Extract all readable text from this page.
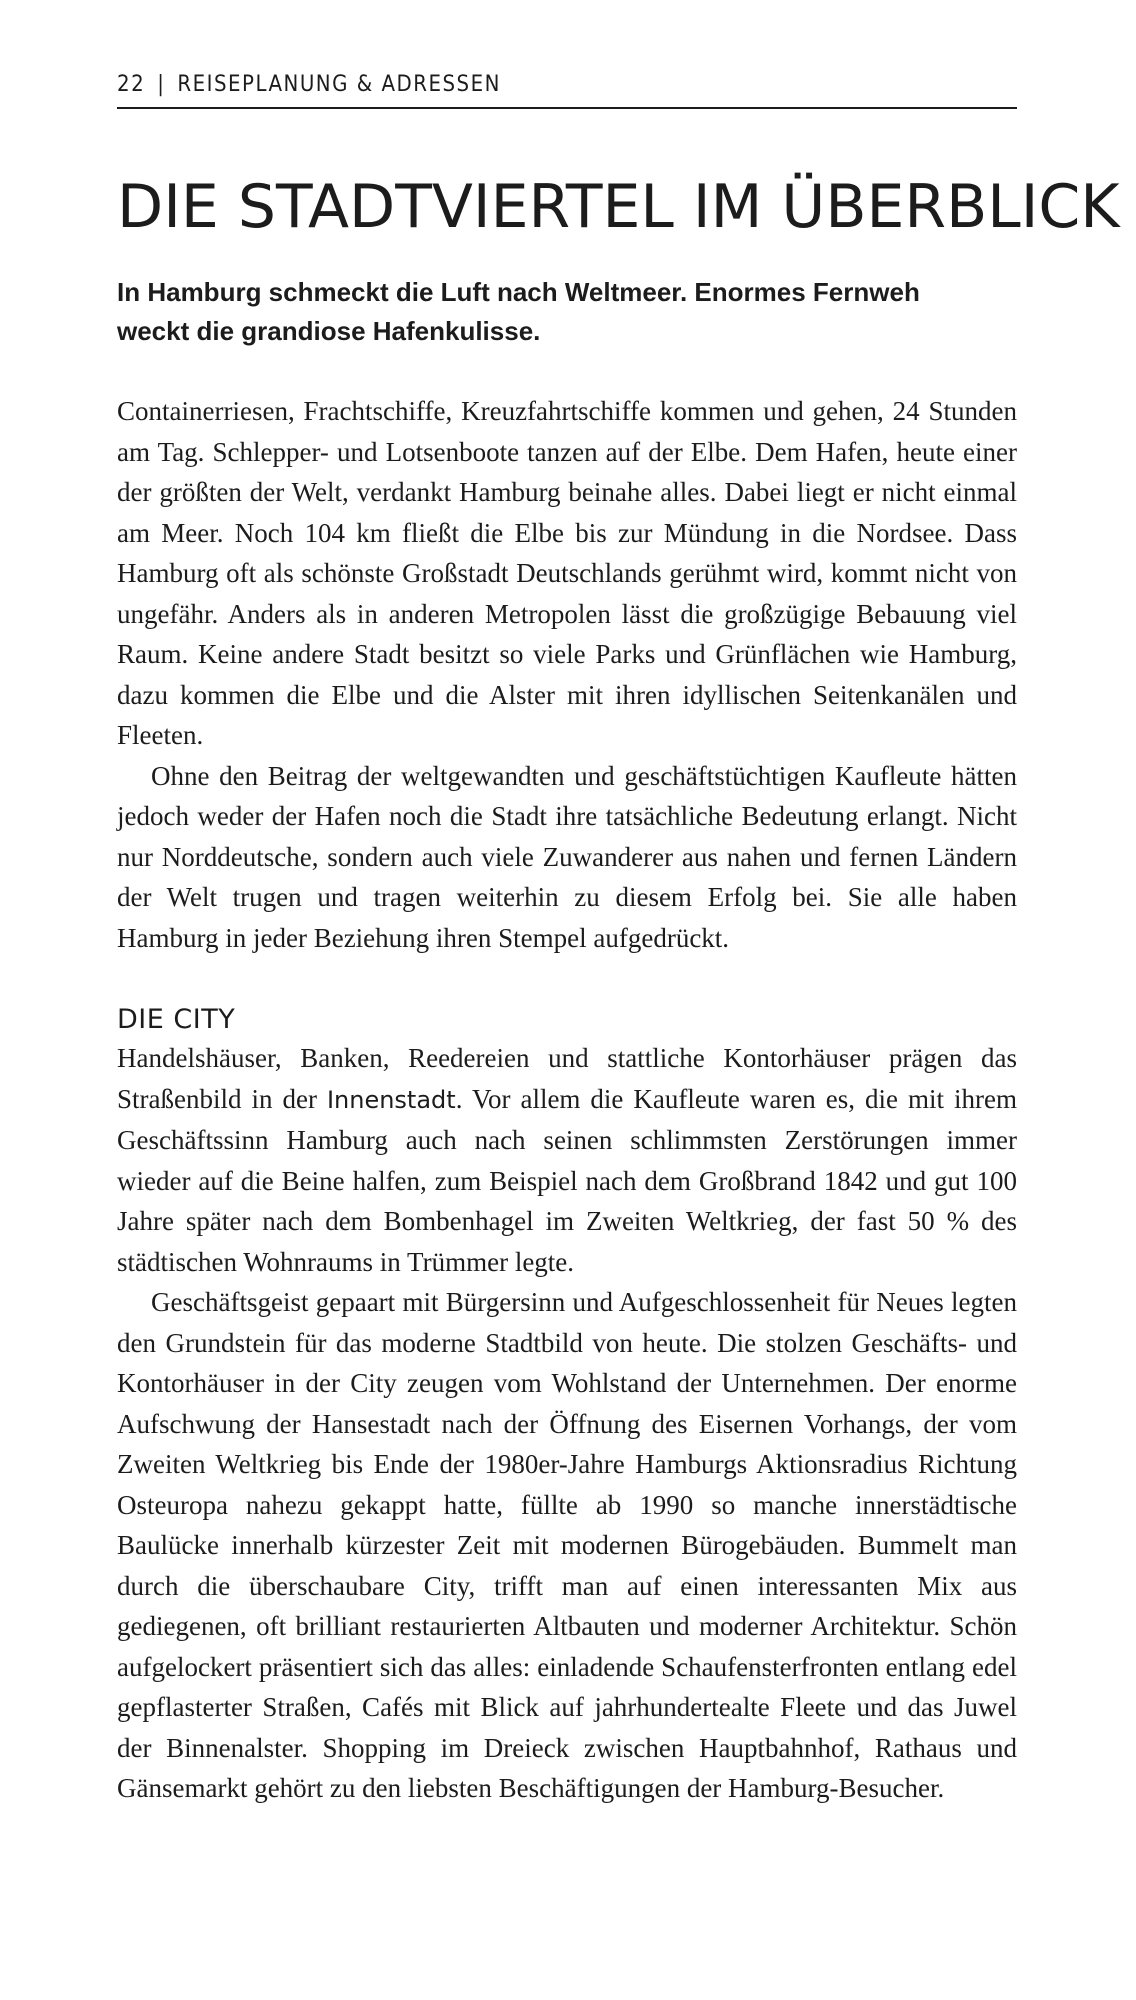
22 | REISEPLANUNG & ADRESSEN
DIE STADTVIERTEL IM ÜBERBLICK

In Hamburg schmeckt die Luft nach Weltmeer. Enormes Fernweh weckt die grandiose Hafenkulisse.

Containerriesen, Frachtschiffe, Kreuzfahrtschiffe kommen und gehen, 24 Stunden am Tag. Schlepper- und Lotsenboote tanzen auf der Elbe. Dem Hafen, heute einer der größten der Welt, verdankt Hamburg beinahe alles. Dabei liegt er nicht einmal am Meer. Noch 104 km fließt die Elbe bis zur Mündung in die Nordsee. Dass Hamburg oft als schönste Großstadt Deutschlands gerühmt wird, kommt nicht von ungefähr. Anders als in anderen Metropolen lässt die großzügige Bebauung viel Raum. Keine andere Stadt besitzt so viele Parks und Grünflächen wie Hamburg, dazu kommen die Elbe und die Alster mit ihren idyllischen Seitenkanälen und Fleeten.

Ohne den Beitrag der weltgewandten und geschäftstüchtigen Kaufleute hätten jedoch weder der Hafen noch die Stadt ihre tatsächliche Bedeutung erlangt. Nicht nur Norddeutsche, sondern auch viele Zuwanderer aus nahen und fernen Ländern der Welt trugen und tragen weiterhin zu diesem Erfolg bei. Sie alle haben Hamburg in jeder Beziehung ihren Stempel aufgedrückt.

DIE CITY

Handelshäuser, Banken, Reedereien und stattliche Kontorhäuser prägen das Straßenbild in der Innenstadt. Vor allem die Kaufleute waren es, die mit ihrem Geschäftssinn Hamburg auch nach seinen schlimmsten Zerstörungen immer wieder auf die Beine halfen, zum Beispiel nach dem Großbrand 1842 und gut 100 Jahre später nach dem Bombenhagel im Zweiten Weltkrieg, der fast 50 % des städtischen Wohnraums in Trümmer legte.

Geschäftsgeist gepaart mit Bürgersinn und Aufgeschlossenheit für Neues legten den Grundstein für das moderne Stadtbild von heute. Die stolzen Geschäfts- und Kontorhäuser in der City zeugen vom Wohlstand der Unternehmen. Der enorme Aufschwung der Hansestadt nach der Öffnung des Eisernen Vorhangs, der vom Zweiten Weltkrieg bis Ende der 1980er-Jahre Hamburgs Aktionsradius Richtung Osteuropa nahezu gekappt hatte, füllte ab 1990 so manche innerstädtische Baulücke innerhalb kürzester Zeit mit modernen Bürogebäuden. Bummelt man durch die überschaubare City, trifft man auf einen interessanten Mix aus gediegenen, oft brilliant restaurierten Altbauten und moderner Architektur. Schön aufgelockert präsentiert sich das alles: einladende Schaufensterfronten entlang edel gepflasterter Straßen, Cafés mit Blick auf jahrhundertealte Fleete und das Juwel der Binnenalster. Shopping im Dreieck zwischen Hauptbahnhof, Rathaus und Gänsemarkt gehört zu den liebsten Beschäftigungen der Hamburg-Besucher.
